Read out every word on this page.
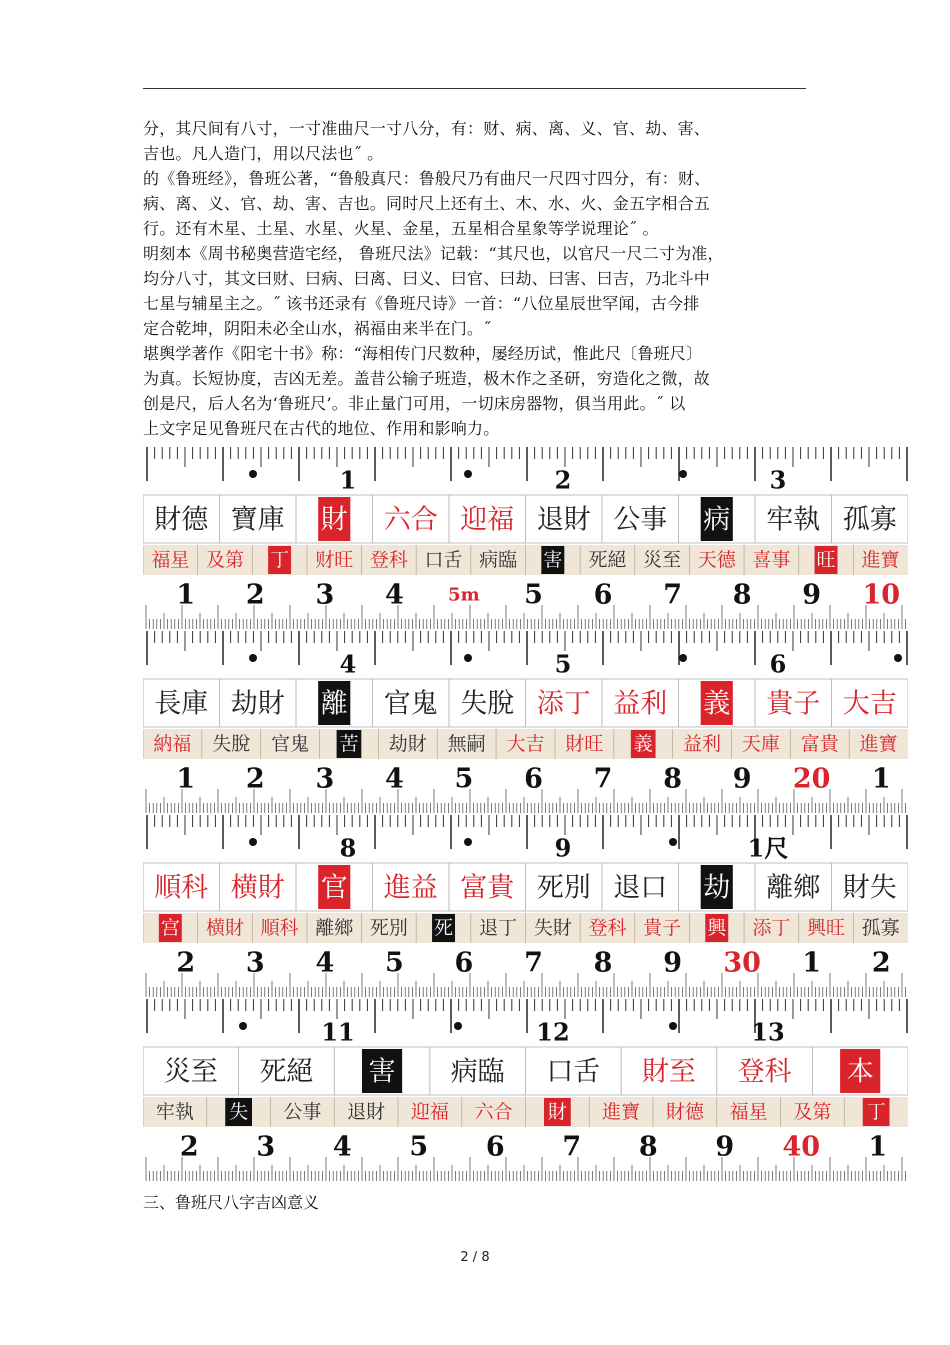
分，其尺间有八寸，一寸准曲尺一寸八分，有：财、病、离、义、官、劫、害、
吉也。凡人造门，用以尺法也˝ 。
的《鲁班经》，鲁班公著，“鲁般真尺：鲁般尺乃有曲尺一尺四寸四分，有：财、
病、离、义、官、劫、害、吉也。同时尺上还有土、木、水、火、金五字相合五
行。还有木星、土星、水星、火星、金星，五星相合星象等学说理论˝ 。
明刻本《周书秘奥营造宅经， 鲁班尺法》记载：“其尺也，以官尺一尺二寸为准，
均分八寸，其文曰财、曰病、曰离、曰义、曰官、曰劫、曰害、曰吉，乃北斗中
七星与辅星主之。˝ 该书还录有《鲁班尺诗》一首：“八位星辰世罕闻，古今排
定合乾坤，阴阳未必全山水，祸福由来半在门。˝
堪舆学著作《阳宅十书》称：“海相传门尺数种，屡经历试，惟此尺〔鲁班尺〕
为真。长短协度，吉凶无差。盖昔公输子班造，极木作之圣研，穷造化之微，故
创是尺，后人名为‘鲁班尺’。非止量门可用，一切床房器物，俱当用此。˝ 以
上文字足见鲁班尺在古代的地位、作用和影响力。
1	2	3
財德 寶庫 財 六合 迎福 退財 公事 病 牢執 孤寡
福星 及第 丁 财旺 登科 口舌 病臨 害 死絕 災至 天德 喜事 旺 進寶
1 2 3 4 5m 5 6 7 8 9 10
4	5	6
長庫 劫財 離 官鬼 失脫 添丁 益利 義 貴子 大吉
納福 失脫 官鬼 苦 劫財 無嗣 大吉 財旺 義 益利 天庫 富貴 進寶
1 2 3 4 5 6 7 8 9 20 1
8	9	1尺
順科 横財 官 進益 富貴 死別 退口 劫 離鄉 財失
宫 横財 順科 離鄉 死別 死 退丁 失財 登科 貴子 興 添丁 興旺 孤寡
2 3 4 5 6 7 8 9 30 1 2
11	12	13
災至 死絕 害 病臨 口舌 財至 登科 本
牢執 失 公事 退財 迎福 六合 財 進寶 財德 福星 及第 丁
2 3 4 5 6 7 8 9 40 1
三、鲁班尺八字吉凶意义
2 / 8
